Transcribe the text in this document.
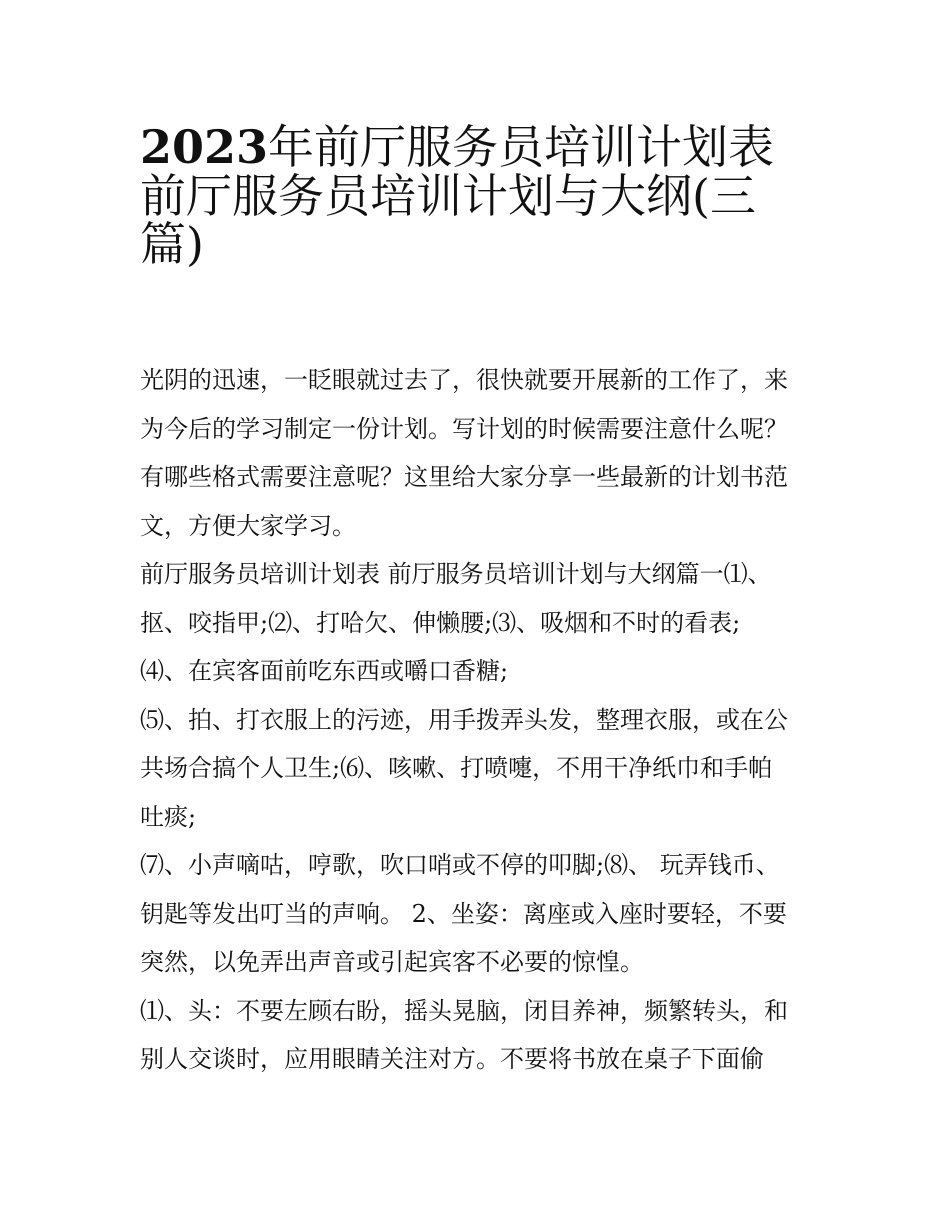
2023年前厅服务员培训计划表
前厅服务员培训计划与大纲(三
篇)
光阴的迅速，一眨眼就过去了，很快就要开展新的工作了，来
为今后的学习制定一份计划。写计划的时候需要注意什么呢？
有哪些格式需要注意呢？这里给大家分享一些最新的计划书范
文，方便大家学习。
前厅服务员培训计划表 前厅服务员培训计划与大纲篇一⑴、
抠、咬指甲;⑵、打哈欠、伸懒腰;⑶、吸烟和不时的看表;
⑷、在宾客面前吃东西或嚼口香糖;
⑸、拍、打衣服上的污迹，用手拨弄头发，整理衣服，或在公
共场合搞个人卫生;⑹、咳嗽、打喷嚏，不用干净纸巾和手帕
吐痰;
⑺、小声嘀咕，哼歌，吹口哨或不停的叩脚;⑻、 玩弄钱币、
钥匙等发出叮当的声响。 2、坐姿：离座或入座时要轻，不要
突然，以免弄出声音或引起宾客不必要的惊惶。
⑴、头：不要左顾右盼，摇头晃脑，闭目养神，频繁转头，和
别人交谈时，应用眼睛关注对方。不要将书放在桌子下面偷
